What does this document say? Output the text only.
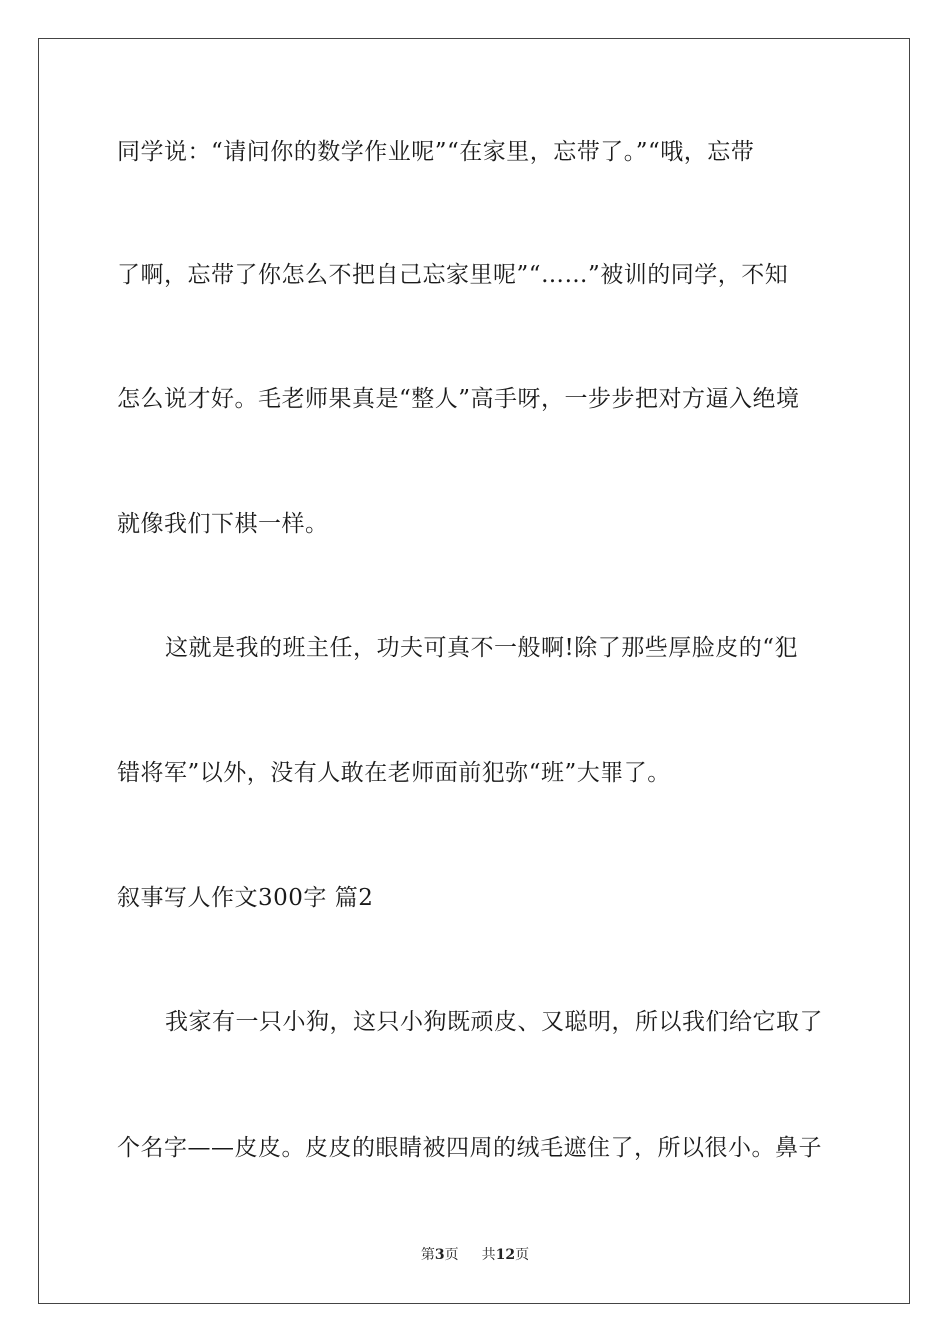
同学说：“请问你的数学作业呢”“在家里，忘带了。”“哦，忘带
了啊，忘带了你怎么不把自己忘家里呢”“……”被训的同学，不知
怎么说才好。毛老师果真是“整人”高手呀，一步步把对方逼入绝境
就像我们下棋一样。
这就是我的班主任，功夫可真不一般啊!除了那些厚脸皮的“犯
错将军”以外，没有人敢在老师面前犯弥“班”大罪了。
叙事写人作文300字 篇2
我家有一只小狗，这只小狗既顽皮、又聪明，所以我们给它取了
个名字——皮皮。皮皮的眼睛被四周的绒毛遮住了，所以很小。鼻子
第3页 共12页
